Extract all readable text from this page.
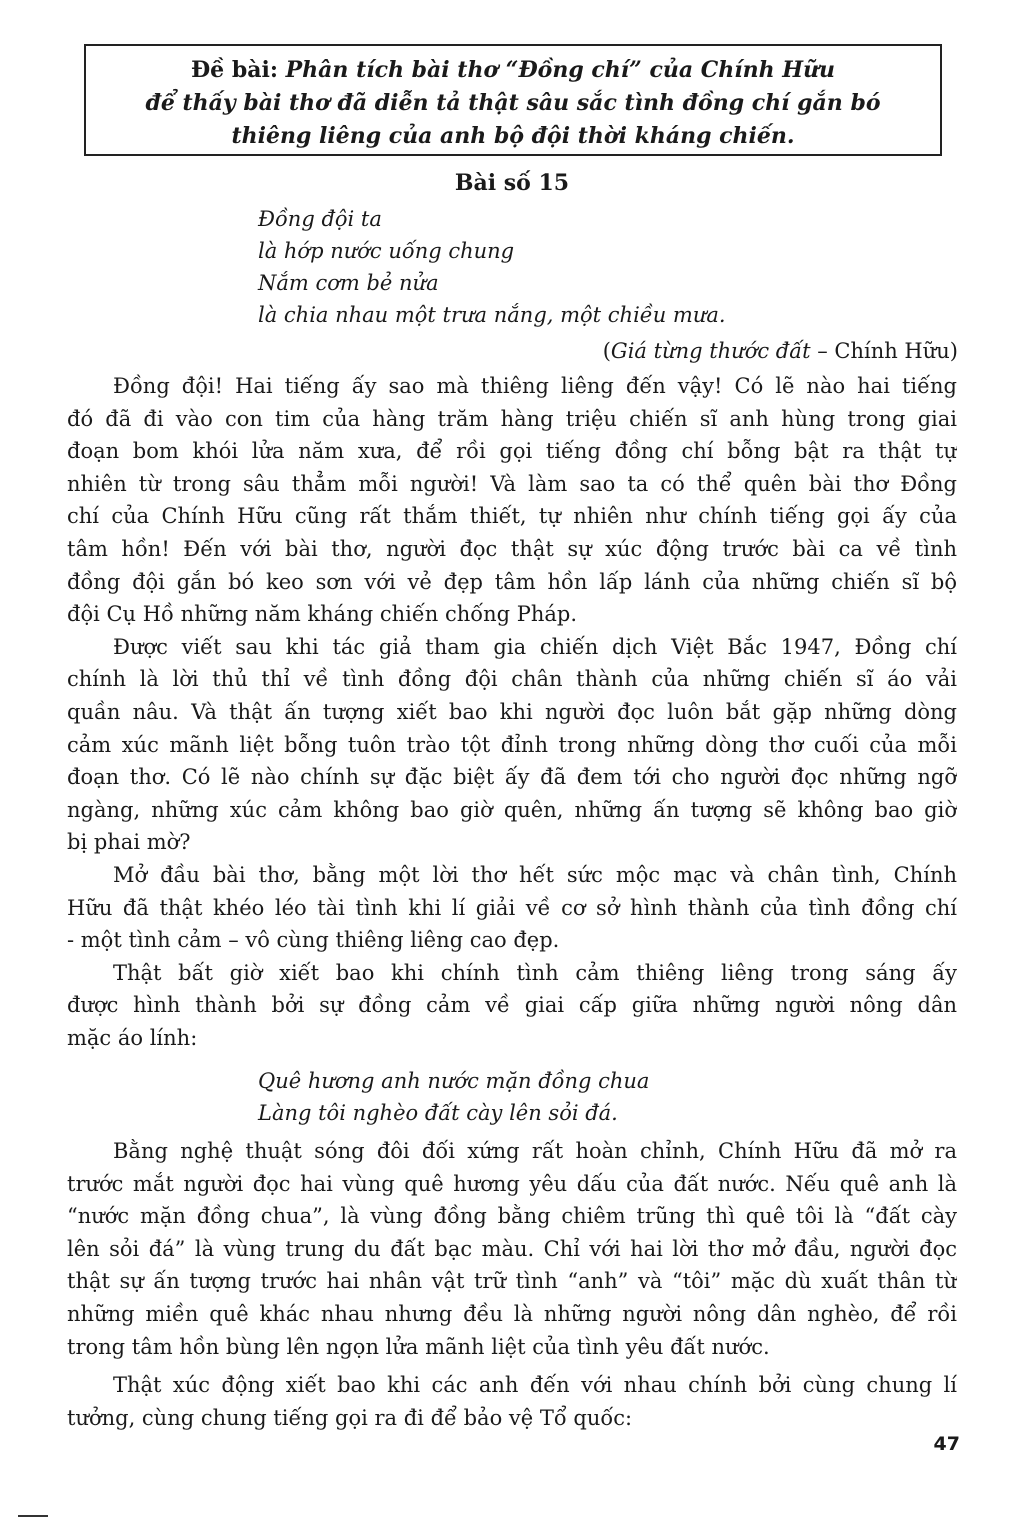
Đề bài: Phân tích bài thơ “Đồng chí” của Chính Hữu
để thấy bài thơ đã diễn tả thật sâu sắc tình đồng chí gắn bó
thiêng liêng của anh bộ đội thời kháng chiến.
Bài số 15
Đồng đội ta
là hớp nước uống chung
Nắm cơm bẻ nửa
là chia nhau một trưa nắng, một chiều mưa.
(Giá từng thước đất – Chính Hữu)
Đồng đội! Hai tiếng ấy sao mà thiêng liêng đến vậy! Có lẽ nào hai tiếng
đó đã đi vào con tim của hàng trăm hàng triệu chiến sĩ anh hùng trong giai
đoạn bom khói lửa năm xưa, để rồi gọi tiếng đồng chí bỗng bật ra thật tự
nhiên từ trong sâu thẳm mỗi người! Và làm sao ta có thể quên bài thơ Đồng
chí của Chính Hữu cũng rất thắm thiết, tự nhiên như chính tiếng gọi ấy của
tâm hồn! Đến với bài thơ, người đọc thật sự xúc động trước bài ca về tình
đồng đội gắn bó keo sơn với vẻ đẹp tâm hồn lấp lánh của những chiến sĩ bộ
đội Cụ Hồ những năm kháng chiến chống Pháp.
Được viết sau khi tác giả tham gia chiến dịch Việt Bắc 1947, Đồng chí
chính là lời thủ thỉ về tình đồng đội chân thành của những chiến sĩ áo vải
quần nâu. Và thật ấn tượng xiết bao khi người đọc luôn bắt gặp những dòng
cảm xúc mãnh liệt bỗng tuôn trào tột đỉnh trong những dòng thơ cuối của mỗi
đoạn thơ. Có lẽ nào chính sự đặc biệt ấy đã đem tới cho người đọc những ngỡ
ngàng, những xúc cảm không bao giờ quên, những ấn tượng sẽ không bao giờ
bị phai mờ?
Mở đầu bài thơ, bằng một lời thơ hết sức mộc mạc và chân tình, Chính
Hữu đã thật khéo léo tài tình khi lí giải về cơ sở hình thành của tình đồng chí
- một tình cảm – vô cùng thiêng liêng cao đẹp.
Thật bất giờ xiết bao khi chính tình cảm thiêng liêng trong sáng ấy
được hình thành bởi sự đồng cảm về giai cấp giữa những người nông dân
mặc áo lính:
Quê hương anh nước mặn đồng chua
Làng tôi nghèo đất cày lên sỏi đá.
Bằng nghệ thuật sóng đôi đối xứng rất hoàn chỉnh, Chính Hữu đã mở ra
trước mắt người đọc hai vùng quê hương yêu dấu của đất nước. Nếu quê anh là
“nước mặn đồng chua”, là vùng đồng bằng chiêm trũng thì quê tôi là “đất cày
lên sỏi đá” là vùng trung du đất bạc màu. Chỉ với hai lời thơ mở đầu, người đọc
thật sự ấn tượng trước hai nhân vật trữ tình “anh” và “tôi” mặc dù xuất thân từ
những miền quê khác nhau nhưng đều là những người nông dân nghèo, để rồi
trong tâm hồn bùng lên ngọn lửa mãnh liệt của tình yêu đất nước.
Thật xúc động xiết bao khi các anh đến với nhau chính bởi cùng chung lí
tưởng, cùng chung tiếng gọi ra đi để bảo vệ Tổ quốc:
47
